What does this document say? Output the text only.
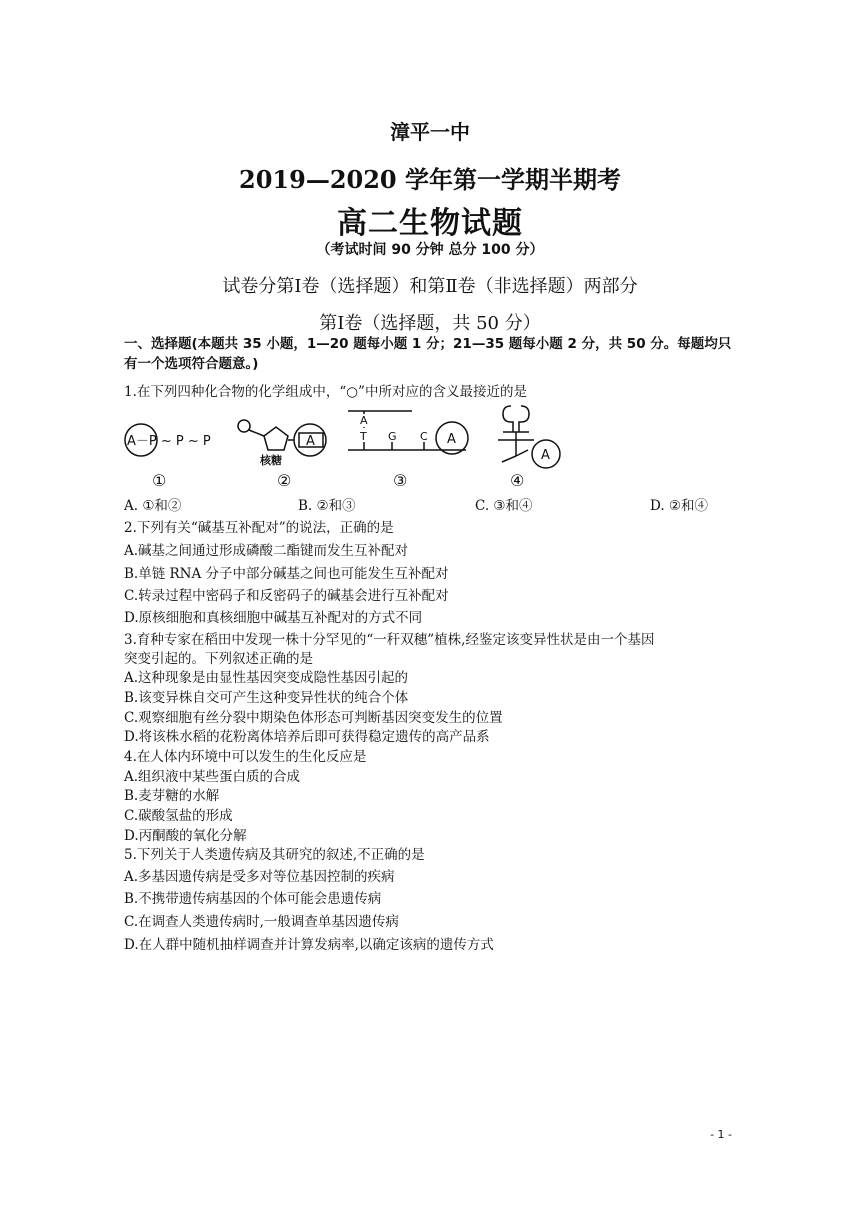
漳平一中
2019—2020 学年第一学期半期考
高二生物试题
（考试时间 90 分钟 总分 100 分）
试卷分第Ⅰ卷（选择题）和第Ⅱ卷（非选择题）两部分
第Ⅰ卷（选择题，共 50 分）
一、选择题(本题共 35 小题，1—20 题每小题 1 分；21—35 题每小题 2 分，共 50 分。每题均只有一个选项符合题意。)
1.在下列四种化合物的化学组成中，“○”中所对应的含义最接近的是
A－P ~ P ~ P	A
核糖
A
T G C A
A
①	②	③	④
A. ①和②	B. ②和③	C. ③和④	D. ②和④
2.下列有关“碱基互补配对”的说法，正确的是
A.碱基之间通过形成磷酸二酯键而发生互补配对
B.单链 RNA 分子中部分碱基之间也可能发生互补配对
C.转录过程中密码子和反密码子的碱基会进行互补配对
D.原核细胞和真核细胞中碱基互补配对的方式不同
3.育种专家在稻田中发现一株十分罕见的“一秆双穗”植株,经鉴定该变异性状是由一个基因
突变引起的。下列叙述正确的是
A.这种现象是由显性基因突变成隐性基因引起的
B.该变异株自交可产生这种变异性状的纯合个体
C.观察细胞有丝分裂中期染色体形态可判断基因突变发生的位置
D.将该株水稻的花粉离体培养后即可获得稳定遗传的高产品系
4.在人体内环境中可以发生的生化反应是
A.组织液中某些蛋白质的合成
B.麦芽糖的水解
C.碳酸氢盐的形成
D.丙酮酸的氧化分解
5.下列关于人类遗传病及其研究的叙述,不正确的是
A.多基因遗传病是受多对等位基因控制的疾病
B.不携带遗传病基因的个体可能会患遗传病
C.在调查人类遗传病时,一般调查单基因遗传病
D.在人群中随机抽样调查并计算发病率,以确定该病的遗传方式
- 1 -
